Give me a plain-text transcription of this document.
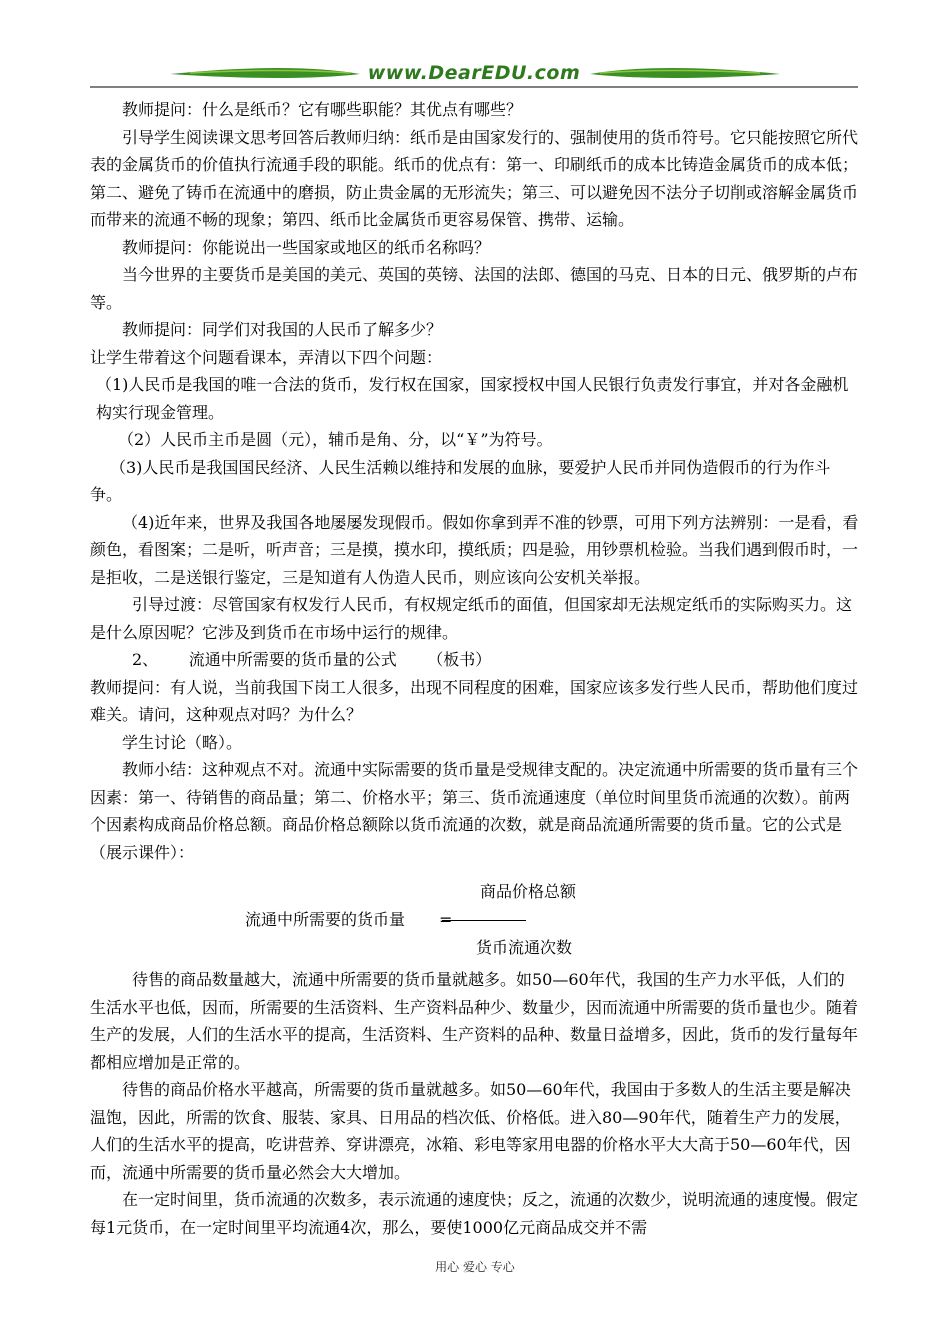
www.DearEDU.com

教师提问：什么是纸币？它有哪些职能？其优点有哪些？

引导学生阅读课文思考回答后教师归纳：纸币是由国家发行的、强制使用的货币符号。它只能按照它所代表的金属货币的价值执行流通手段的职能。纸币的优点有：第一、印刷纸币的成本比铸造金属货币的成本低；第二、避免了铸币在流通中的磨损，防止贵金属的无形流失；第三、可以避免因不法分子切削或溶解金属货币而带来的流通不畅的现象；第四、纸币比金属货币更容易保管、携带、运输。

教师提问：你能说出一些国家或地区的纸币名称吗？

当今世界的主要货币是美国的美元、英国的英镑、法国的法郎、德国的马克、日本的日元、俄罗斯的卢布等。

教师提问：同学们对我国的人民币了解多少？

让学生带着这个问题看课本，弄清以下四个问题：

（1)人民币是我国的唯一合法的货币，发行权在国家，国家授权中国人民银行负责发行事宜，并对各金融机构实行现金管理。

（2）人民币主币是圆（元），辅币是角、分，以“￥”为符号。

（3)人民币是我国国民经济、人民生活赖以维持和发展的血脉，要爱护人民币并同伪造假币的行为作斗争。

（4)近年来，世界及我国各地屡屡发现假币。假如你拿到弄不准的钞票，可用下列方法辨别：一是看，看颜色，看图案；二是听，听声音；三是摸，摸水印，摸纸质；四是验，用钞票机检验。当我们遇到假币时，一是拒收，二是送银行鉴定，三是知道有人伪造人民币，则应该向公安机关举报。

引导过渡：尽管国家有权发行人民币，有权规定纸币的面值，但国家却无法规定纸币的实际购买力。这是什么原因呢？它涉及到货币在市场中运行的规律。

2、      流通中所需要的货币量的公式      （板书）

教师提问：有人说，当前我国下岗工人很多，出现不同程度的困难，国家应该多发行些人民币，帮助他们度过难关。请问，这种观点对吗？为什么？

学生讨论（略）。

教师小结：这种观点不对。流通中实际需要的货币量是受规律支配的。决定流通中所需要的货币量有三个因素：第一、待销售的商品量；第二、价格水平；第三、货币流通速度（单位时间里货币流通的次数）。前两个因素构成商品价格总额。商品价格总额除以货币流通的次数，就是商品流通所需要的货币量。它的公式是（展示课件）：

商品价格总额
流通中所需要的货币量 =
货币流通次数

待售的商品数量越大，流通中所需要的货币量就越多。如50—60年代，我国的生产力水平低，人们的生活水平也低，因而，所需要的生活资料、生产资料品种少、数量少，因而流通中所需要的货币量也少。随着生产的发展，人们的生活水平的提高，生活资料、生产资料的品种、数量日益增多，因此，货币的发行量每年都相应增加是正常的。

待售的商品价格水平越高，所需要的货币量就越多。如50—60年代，我国由于多数人的生活主要是解决温饱，因此，所需的饮食、服装、家具、日用品的档次低、价格低。进入80—90年代，随着生产力的发展，人们的生活水平的提高，吃讲营养、穿讲漂亮，冰箱、彩电等家用电器的价格水平大大高于50—60年代，因而，流通中所需要的货币量必然会大大增加。

在一定时间里，货币流通的次数多，表示流通的速度快；反之，流通的次数少，说明流通的速度慢。假定每1元货币，在一定时间里平均流通4次，那么，要使1000亿元商品成交并不需

用心 爱心 专心
